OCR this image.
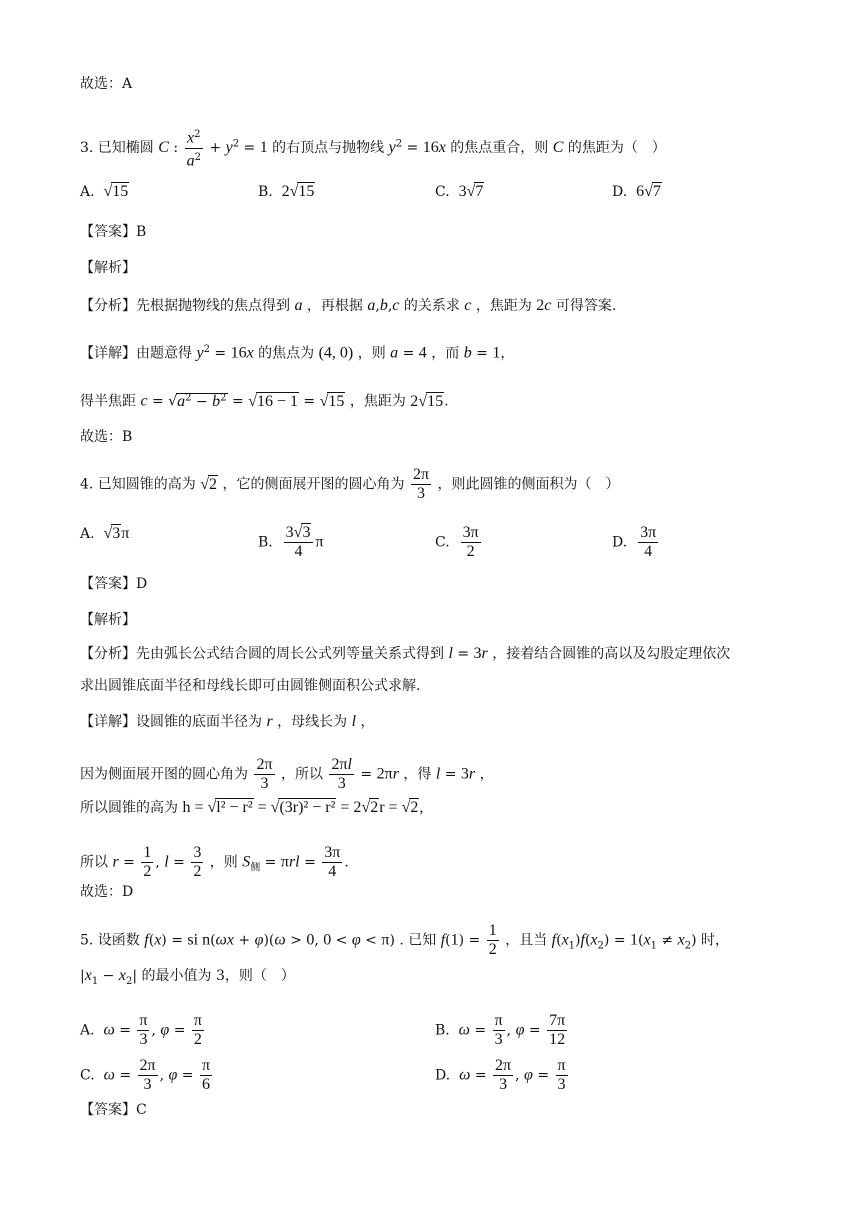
故选：A
3. 已知椭圆 C : $\frac{x^2}{a^2} + y^2 = 1$ 的右顶点与抛物线 $y^2 = 16x$ 的焦点重合，则 C 的焦距为（　）
A.  √15	B.  2√15	C.  3√7	D.  6√7
【答案】B
【解析】
【分析】先根据抛物线的焦点得到 a ，再根据 a,b,c 的关系求 c ，焦距为 2c 可得答案.
【详解】由题意得 $y^2 = 16x$ 的焦点为 (4, 0) ，则 a = 4 ，而 b = 1，
得半焦距 $c = √a^2 - b^2 = √16 - 1 = √15$ ，焦距为 2√15.
故选：B
4. 已知圆锥的高为 √2 ，它的侧面展开图的圆心角为 $\frac{2\pi}{3}$ ，则此圆锥的侧面积为（　）
A. √3π
B. $\frac{3√3}{4}$ π	C. $\frac{3\pi}{2}$	D. $\frac{3\pi}{4}$
【答案】D
【解析】
【分析】先由弧长公式结合圆的周长公式列等量关系式得到 l = 3r ，接着结合圆锥的高以及勾股定理依次
求出圆锥底面半径和母线长即可由圆锥侧面积公式求解.
【详解】设圆锥的底面半径为 r ，母线长为 l ，
因为侧面展开图的圆心角为 $\frac{2\pi}{3}$ ，所以 $\frac{2\pi l}{3} = 2\pi r$ ，得 l = 3r ，
所以圆锥的高为 h = √l² − r² = √(3r)² − r² = 2√2r = √2,
所以 $r = \frac{1}{2}$ , $l = \frac{3}{2}$ ，则 $S_侧 = \pi rl = \frac{3\pi}{4}$ .
故选：D
5. 设函数 f(x) = si n(ωx + φ)(ω > 0, 0 < φ < π) . 已知 $f(1) = \frac{1}{2}$ ，且当 $f(x_1)f(x_2) = 1(x_1 \ne x_2)$ 时，
$|x_1 - x_2|$ 的最小值为 3，则（　）
A. $\omega = \frac{\pi}{3}$ , $\varphi = \frac{\pi}{2}$	B. $\omega = \frac{\pi}{3}$ , $\varphi = \frac{7\pi}{12}$
C. $\omega = \frac{2\pi}{3}$ , $\varphi = \frac{\pi}{6}$	D. $\omega = \frac{2\pi}{3}$ , $\varphi = \frac{\pi}{3}$
【答案】C
